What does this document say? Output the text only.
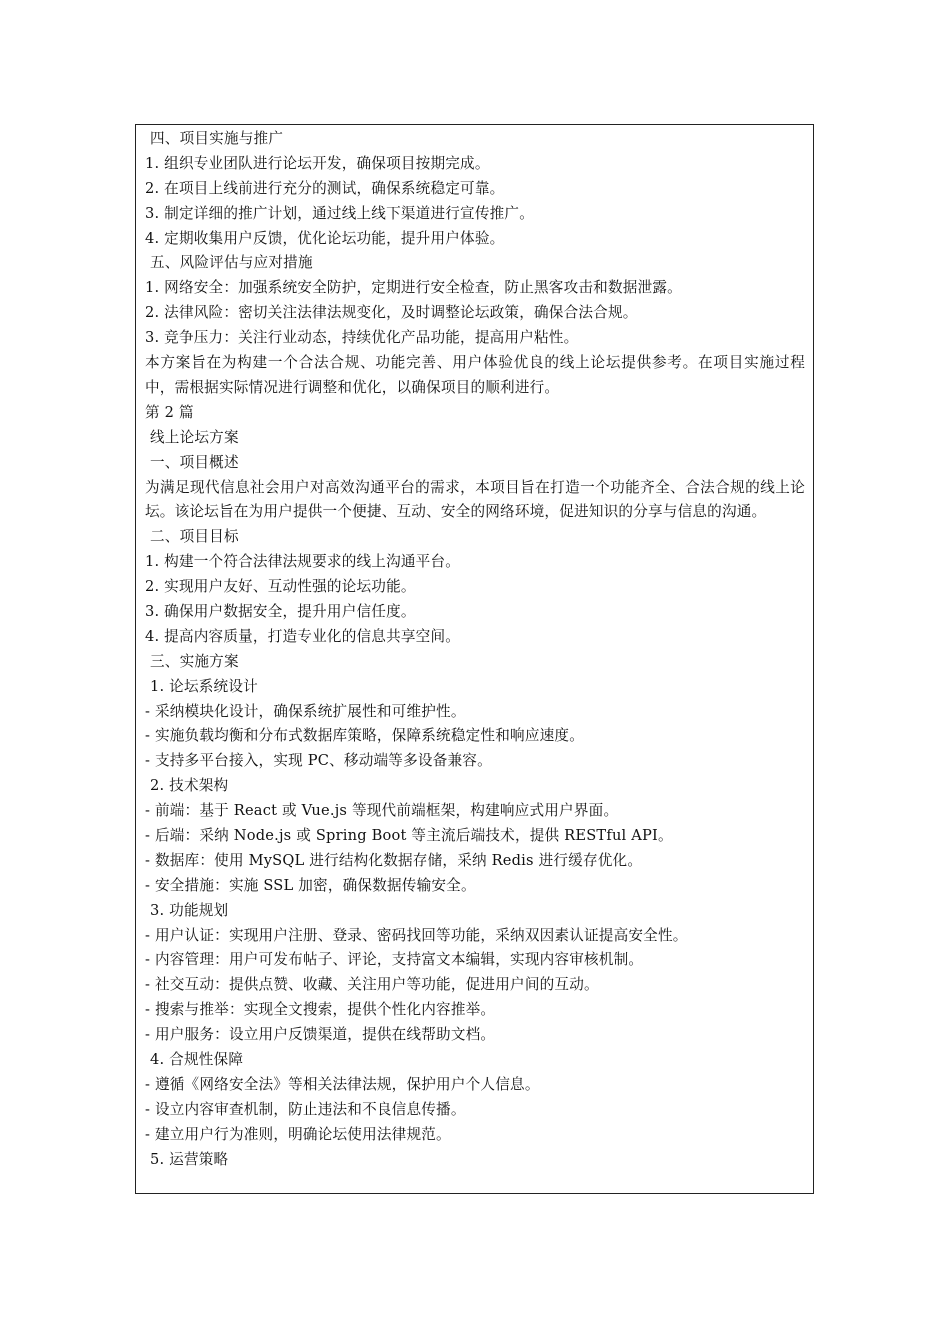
四、项目实施与推广
1. 组织专业团队进行论坛开发，确保项目按期完成。
2. 在项目上线前进行充分的测试，确保系统稳定可靠。
3. 制定详细的推广计划，通过线上线下渠道进行宣传推广。
4. 定期收集用户反馈，优化论坛功能，提升用户体验。
五、风险评估与应对措施
1. 网络安全：加强系统安全防护，定期进行安全检查，防止黑客攻击和数据泄露。
2. 法律风险：密切关注法律法规变化，及时调整论坛政策，确保合法合规。
3. 竞争压力：关注行业动态，持续优化产品功能，提高用户粘性。
本方案旨在为构建一个合法合规、功能完善、用户体验优良的线上论坛提供参考。在项目实施过程中，需根据实际情况进行调整和优化，以确保项目的顺利进行。
第 2 篇
线上论坛方案
一、项目概述
为满足现代信息社会用户对高效沟通平台的需求，本项目旨在打造一个功能齐全、合法合规的线上论坛。该论坛旨在为用户提供一个便捷、互动、安全的网络环境，促进知识的分享与信息的沟通。
二、项目目标
1. 构建一个符合法律法规要求的线上沟通平台。
2. 实现用户友好、互动性强的论坛功能。
3. 确保用户数据安全，提升用户信任度。
4. 提高内容质量，打造专业化的信息共享空间。
三、实施方案
1. 论坛系统设计
- 采纳模块化设计，确保系统扩展性和可维护性。
- 实施负载均衡和分布式数据库策略，保障系统稳定性和响应速度。
- 支持多平台接入，实现 PC、移动端等多设备兼容。
2. 技术架构
- 前端：基于 React 或 Vue.js 等现代前端框架，构建响应式用户界面。
- 后端：采纳 Node.js 或 Spring Boot 等主流后端技术，提供 RESTful API。
- 数据库：使用 MySQL 进行结构化数据存储，采纳 Redis 进行缓存优化。
- 安全措施：实施 SSL 加密，确保数据传输安全。
3. 功能规划
- 用户认证：实现用户注册、登录、密码找回等功能，采纳双因素认证提高安全性。
- 内容管理：用户可发布帖子、评论，支持富文本编辑，实现内容审核机制。
- 社交互动：提供点赞、收藏、关注用户等功能，促进用户间的互动。
- 搜索与推举：实现全文搜索，提供个性化内容推举。
- 用户服务：设立用户反馈渠道，提供在线帮助文档。
4. 合规性保障
- 遵循《网络安全法》等相关法律法规，保护用户个人信息。
- 设立内容审查机制，防止违法和不良信息传播。
- 建立用户行为准则，明确论坛使用法律规范。
5. 运营策略
